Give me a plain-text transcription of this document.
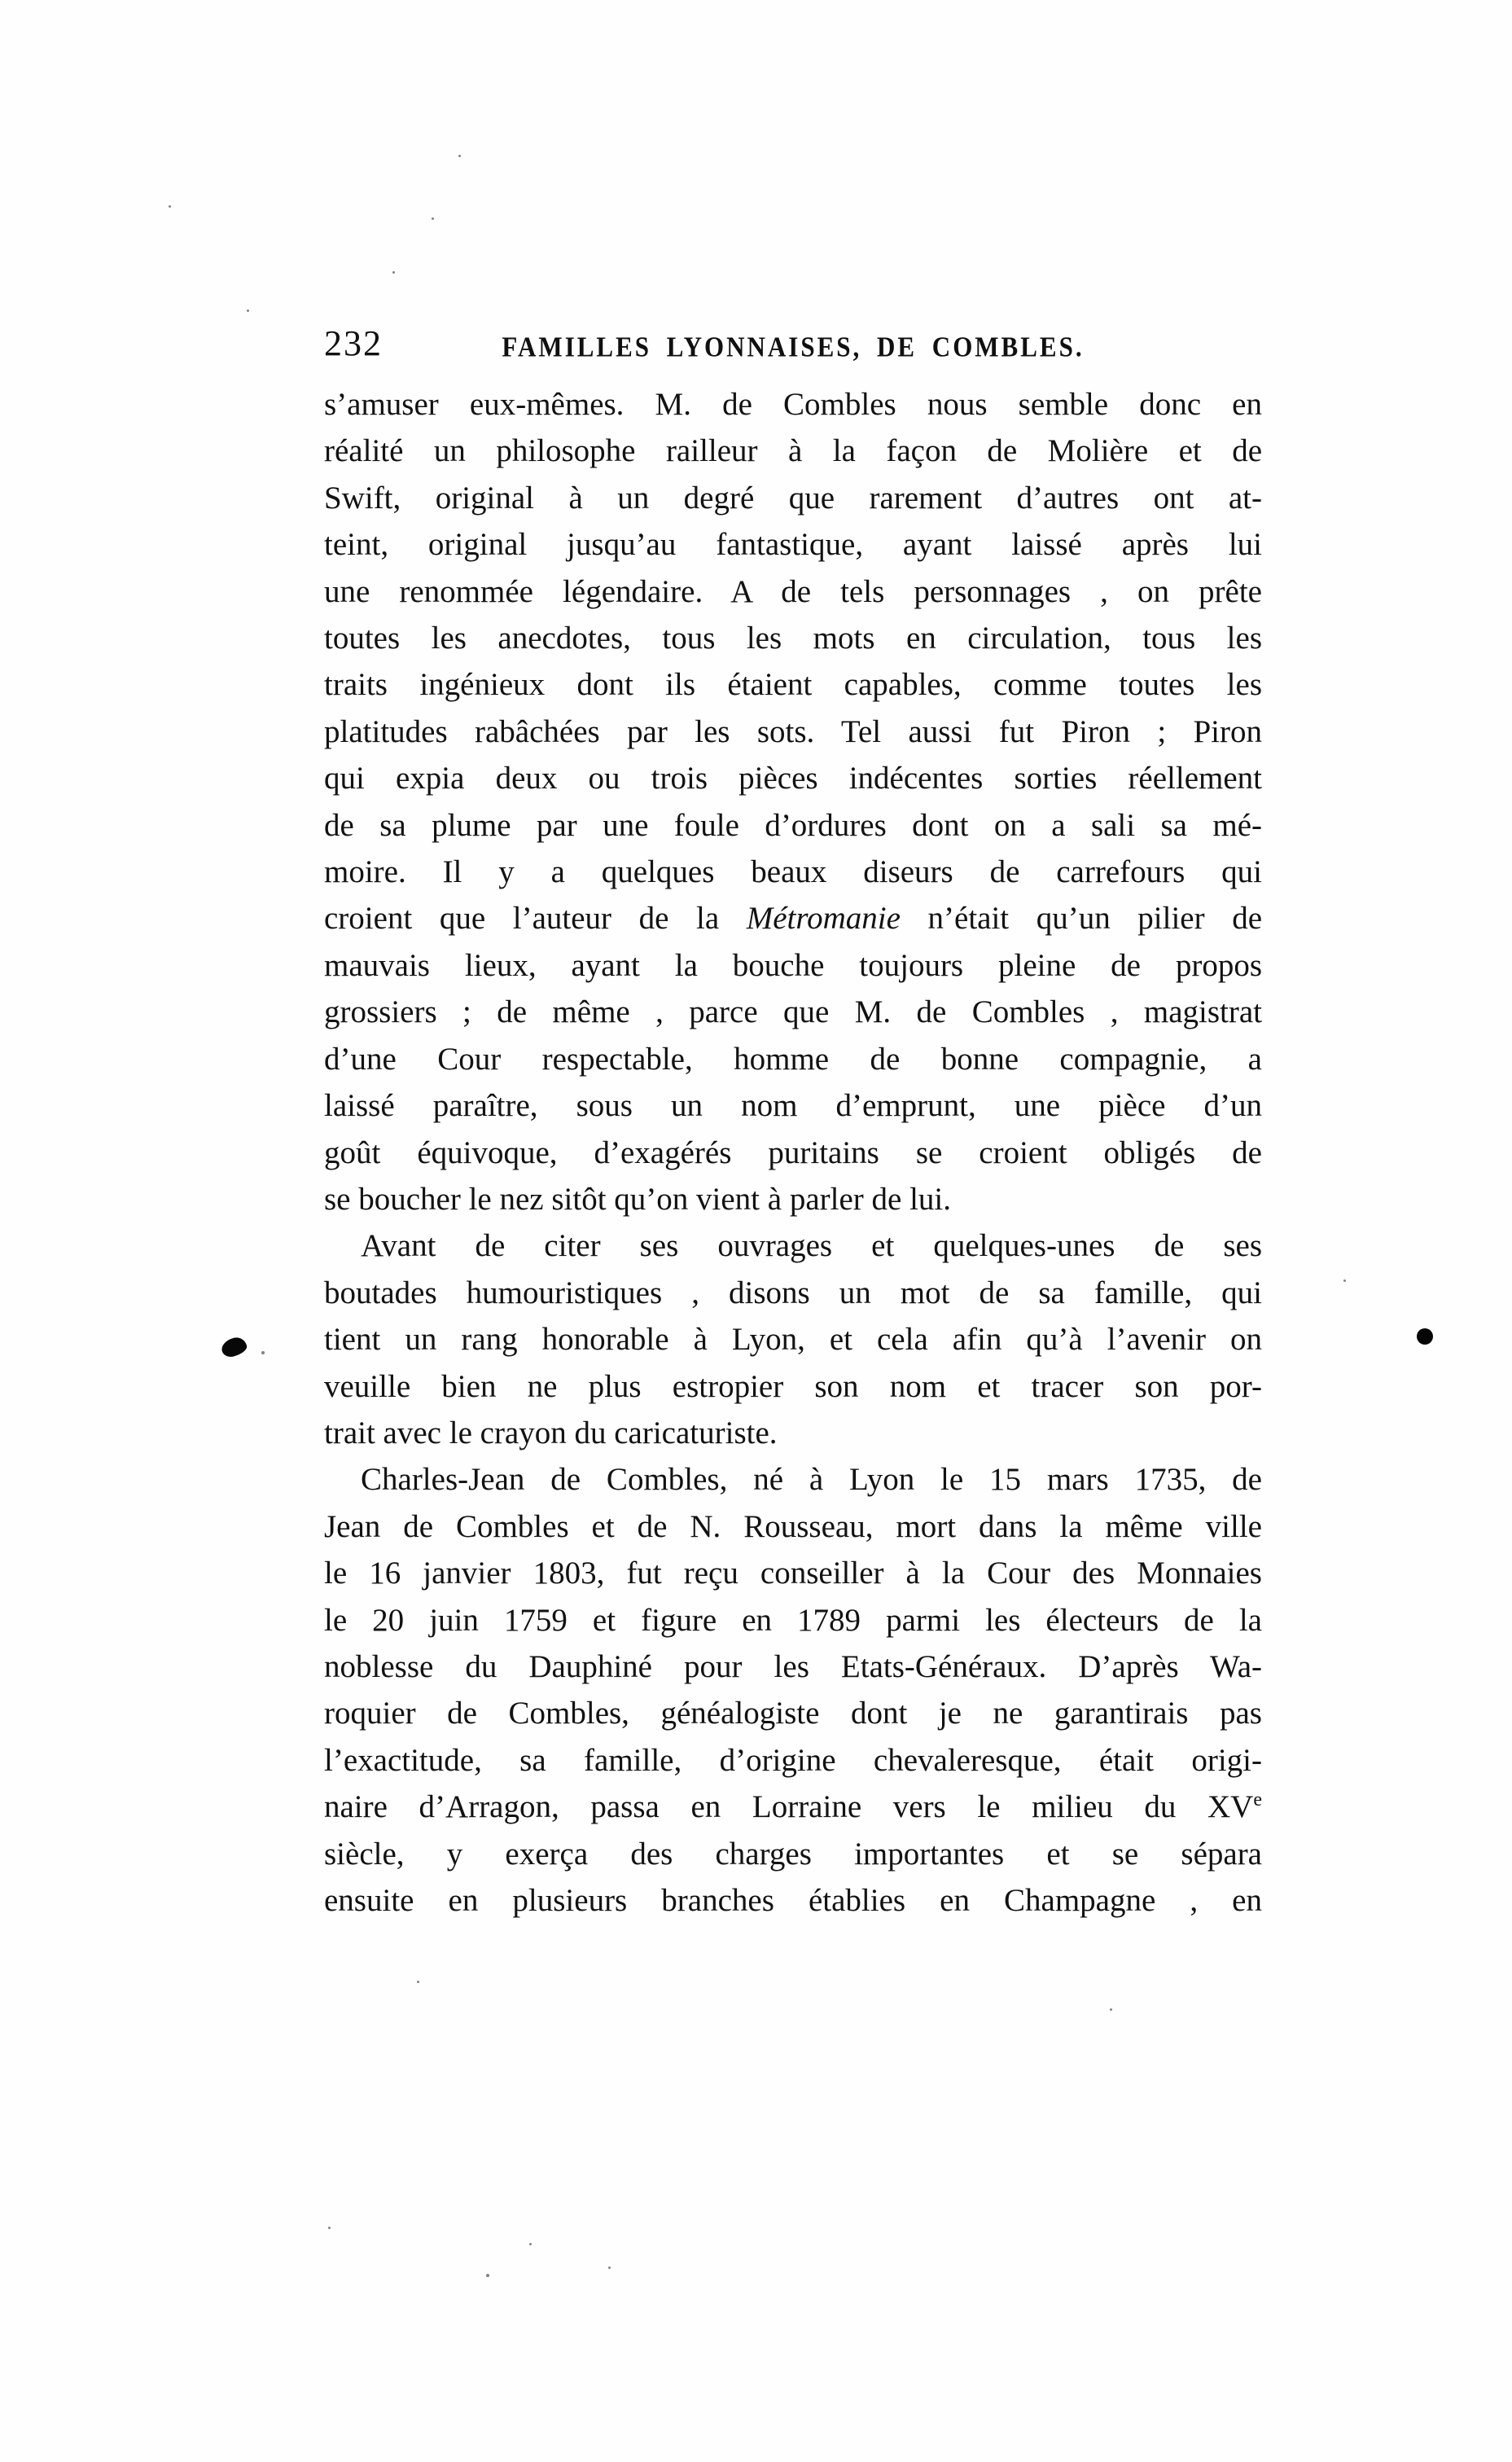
232	FAMILLES LYONNAISES, DE COMBLES.
s’amuser eux-mêmes. M. de Combles nous semble donc en
réalité un philosophe railleur à la façon de Molière et de
Swift, original à un degré que rarement d’autres ont at-
teint, original jusqu’au fantastique, ayant laissé après lui
une renommée légendaire. A de tels personnages , on prête
toutes les anecdotes, tous les mots en circulation, tous les
traits ingénieux dont ils étaient capables, comme toutes les
platitudes rabâchées par les sots. Tel aussi fut Piron ; Piron
qui expia deux ou trois pièces indécentes sorties réellement
de sa plume par une foule d’ordures dont on a sali sa mé-
moire. Il y a quelques beaux diseurs de carrefours qui
croient que l’auteur de la Métromanie n’était qu’un pilier de
mauvais lieux, ayant la bouche toujours pleine de propos
grossiers ; de même , parce que M. de Combles , magistrat
d’une Cour respectable, homme de bonne compagnie, a
laissé paraître, sous un nom d’emprunt, une pièce d’un
goût équivoque, d’exagérés puritains se croient obligés de
se boucher le nez sitôt qu’on vient à parler de lui.
Avant de citer ses ouvrages et quelques-unes de ses
boutades humouristiques , disons un mot de sa famille, qui
tient un rang honorable à Lyon, et cela afin qu’à l’avenir on
veuille bien ne plus estropier son nom et tracer son por-
trait avec le crayon du caricaturiste.
Charles-Jean de Combles, né à Lyon le 15 mars 1735, de
Jean de Combles et de N. Rousseau, mort dans la même ville
le 16 janvier 1803, fut reçu conseiller à la Cour des Monnaies
le 20 juin 1759 et figure en 1789 parmi les électeurs de la
noblesse du Dauphiné pour les Etats-Généraux. D’après Wa-
roquier de Combles, généalogiste dont je ne garantirais pas
l’exactitude, sa famille, d’origine chevaleresque, était origi-
naire d’Arragon, passa en Lorraine vers le milieu du XVe
siècle, y exerça des charges importantes et se sépara
ensuite en plusieurs branches établies en Champagne , en
